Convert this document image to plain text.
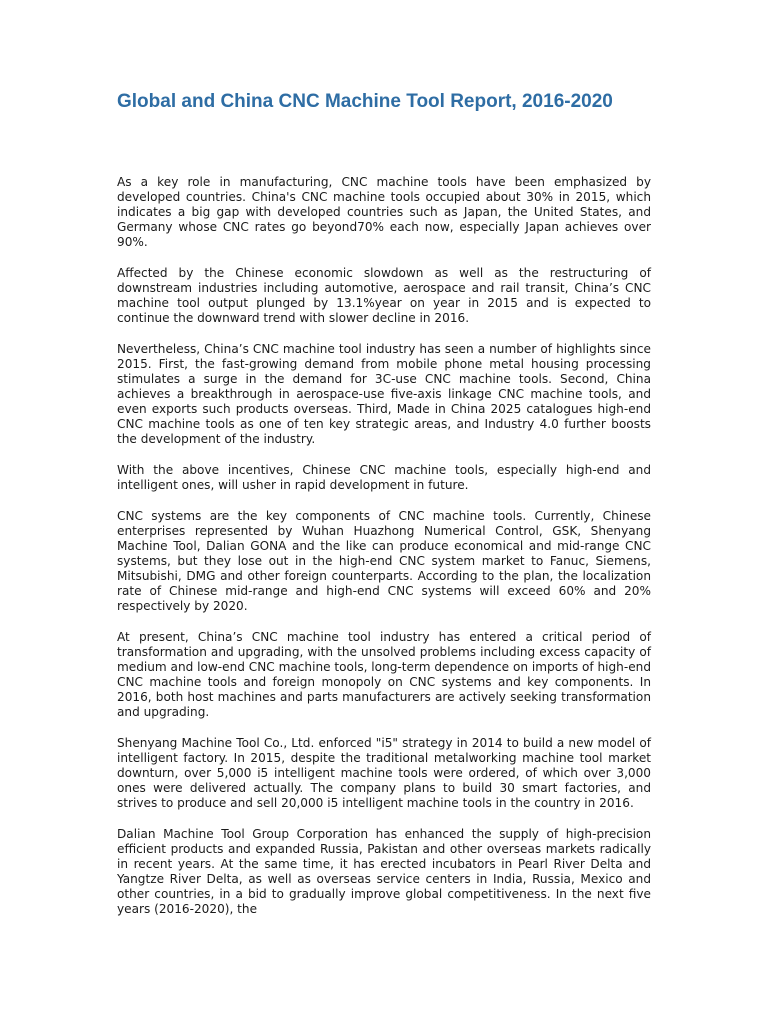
Global and China CNC Machine Tool Report, 2016-2020

As a key role in manufacturing, CNC machine tools have been emphasized by developed countries. China's CNC machine tools occupied about 30% in 2015, which indicates a big gap with developed countries such as Japan, the United States, and Germany whose CNC rates go beyond70% each now, especially Japan achieves over 90%.

Affected by the Chinese economic slowdown as well as the restructuring of downstream industries including automotive, aerospace and rail transit, China’s CNC machine tool output plunged by 13.1%year on year in 2015 and is expected to continue the downward trend with slower decline in 2016.

Nevertheless, China’s CNC machine tool industry has seen a number of highlights since 2015. First, the fast-growing demand from mobile phone metal housing processing stimulates a surge in the demand for 3C-use CNC machine tools. Second, China achieves a breakthrough in aerospace-use five-axis linkage CNC machine tools, and even exports such products overseas. Third, Made in China 2025 catalogues high-end CNC machine tools as one of ten key strategic areas, and Industry 4.0 further boosts the development of the industry.

With the above incentives, Chinese CNC machine tools, especially high-end and intelligent ones, will usher in rapid development in future.

CNC systems are the key components of CNC machine tools. Currently, Chinese enterprises represented by Wuhan Huazhong Numerical Control, GSK, Shenyang Machine Tool, Dalian GONA and the like can produce economical and mid-range CNC systems, but they lose out in the high-end CNC system market to Fanuc, Siemens, Mitsubishi, DMG and other foreign counterparts. According to the plan, the localization rate of Chinese mid-range and high-end CNC systems will exceed 60% and 20% respectively by 2020.

At present, China’s CNC machine tool industry has entered a critical period of transformation and upgrading, with the unsolved problems including excess capacity of medium and low-end CNC machine tools, long-term dependence on imports of high-end CNC machine tools and foreign monopoly on CNC systems and key components. In 2016, both host machines and parts manufacturers are actively seeking transformation and upgrading.

Shenyang Machine Tool Co., Ltd. enforced "i5" strategy in 2014 to build a new model of intelligent factory. In 2015, despite the traditional metalworking machine tool market downturn, over 5,000 i5 intelligent machine tools were ordered, of which over 3,000 ones were delivered actually. The company plans to build 30 smart factories, and strives to produce and sell 20,000 i5 intelligent machine tools in the country in 2016.

Dalian Machine Tool Group Corporation has enhanced the supply of high-precision efficient products and expanded Russia, Pakistan and other overseas markets radically in recent years. At the same time, it has erected incubators in Pearl River Delta and Yangtze River Delta, as well as overseas service centers in India, Russia, Mexico and other countries, in a bid to gradually improve global competitiveness. In the next five years (2016-2020), the
